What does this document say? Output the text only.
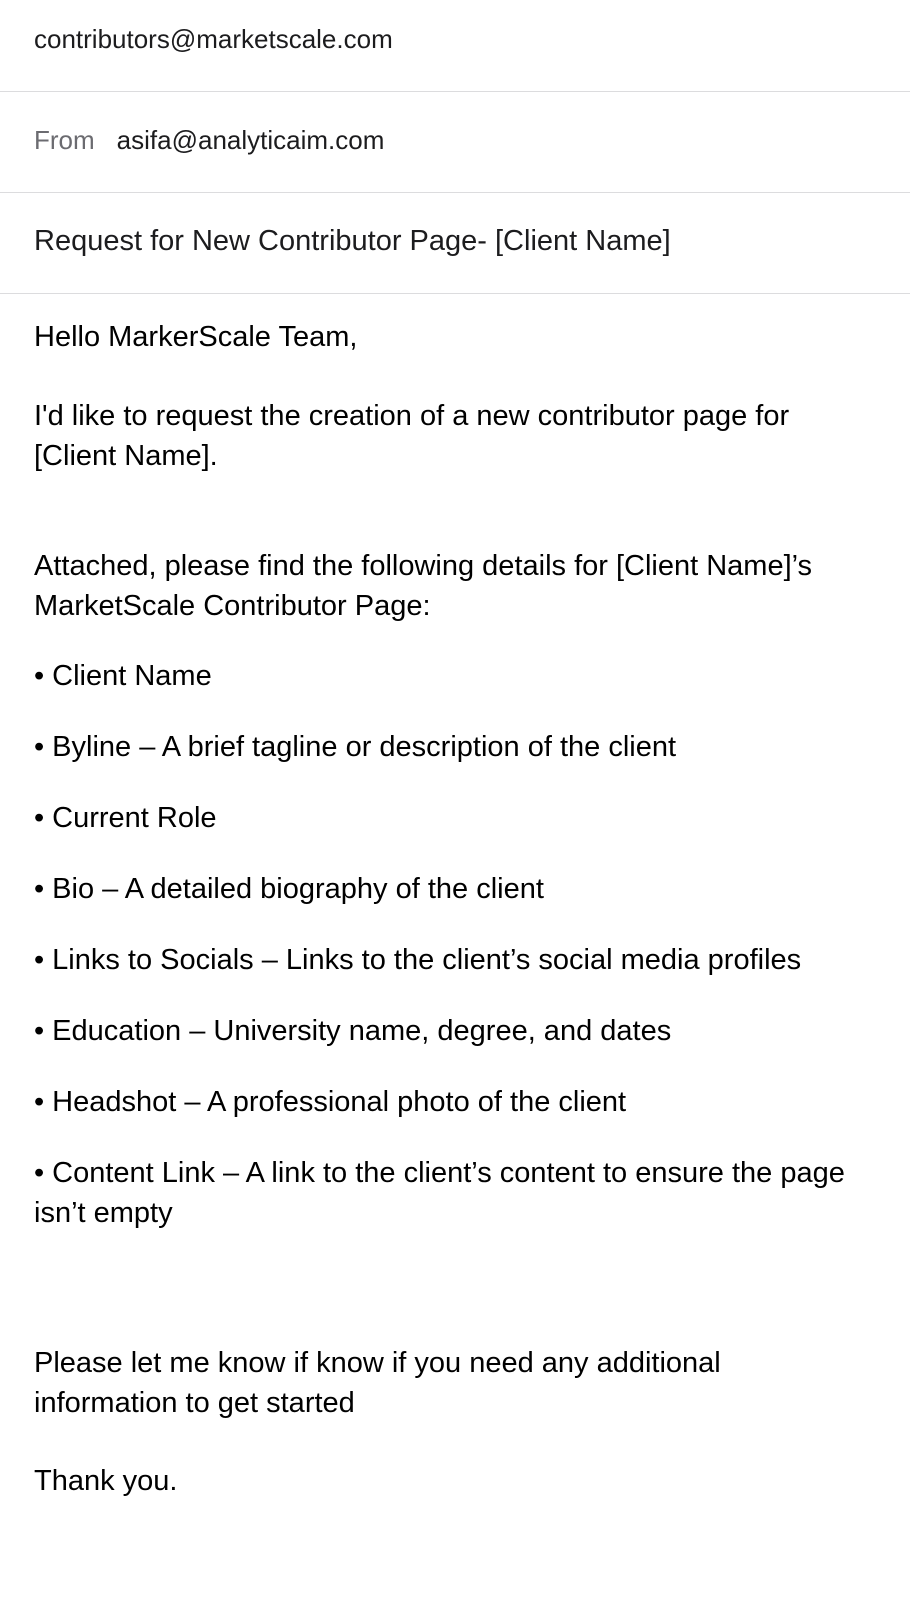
contributors@marketscale.com
From asifa@analyticaim.com
Request for New Contributor Page- [Client Name]

Hello MarkerScale Team,

I'd like to request the creation of a new contributor page for [Client Name].

Attached, please find the following details for [Client Name]’s MarketScale Contributor Page:

• Client Name
• Byline – A brief tagline or description of the client
• Current Role
• Bio – A detailed biography of the client
• Links to Socials – Links to the client’s social media profiles
• Education – University name, degree, and dates
• Headshot – A professional photo of the client
• Content Link – A link to the client’s content to ensure the page isn’t empty

Please let me know if know if you need any additional information to get started

Thank you.
